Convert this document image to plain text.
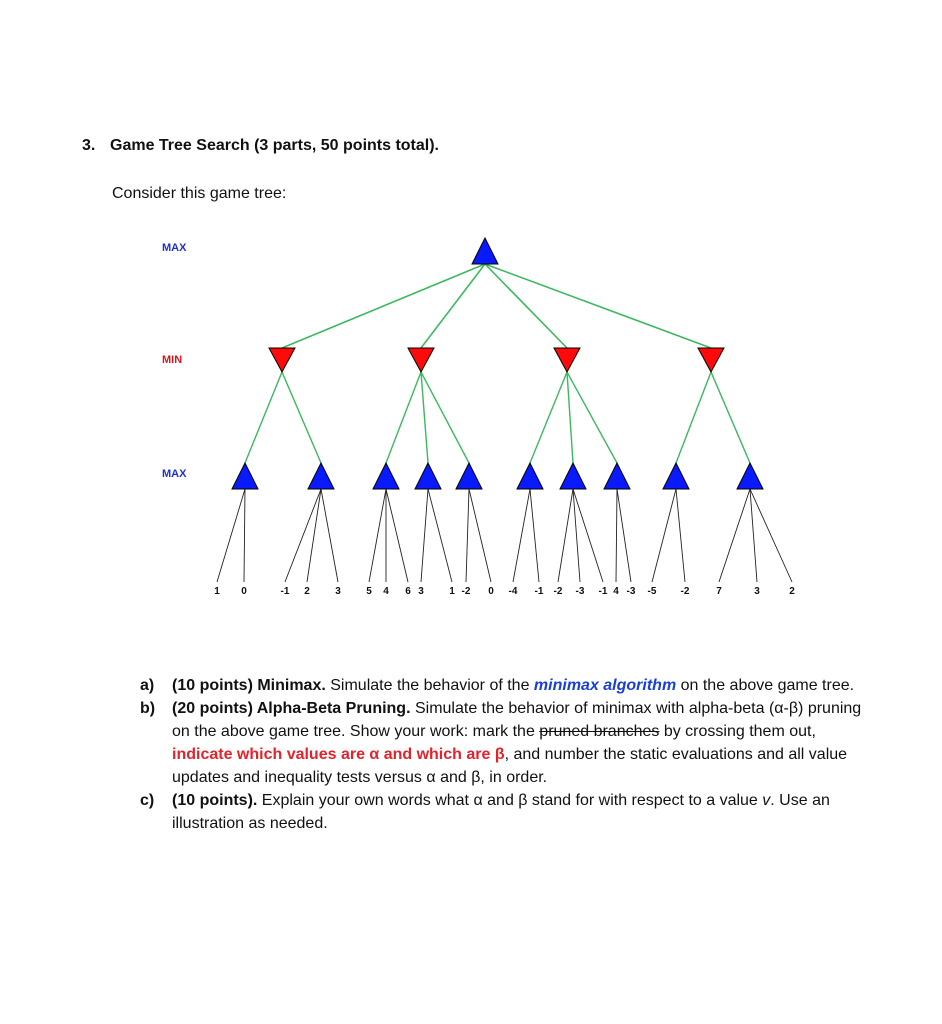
3. Game Tree Search (3 parts, 50 points total).
Consider this game tree:
1 0	-1 2	3	5 4 6 3	1 -2 0 -4 -1 -2 -3 -1 4 -3 -5 -2	7	3	2
MAX
MIN
MAX
a)	(10 points) Minimax. Simulate the behavior of the minimax algorithm on the above game tree.
b)	(20 points) Alpha-Beta Pruning. Simulate the behavior of minimax with alpha-beta (α-β) pruning on the above game tree. Show your work: mark the pruned branches by crossing them out, indicate which values are α and which are β, and number the static evaluations and all value updates and inequality tests versus α and β, in order.
c)	(10 points). Explain your own words what α and β stand for with respect to a value v. Use an illustration as needed.
